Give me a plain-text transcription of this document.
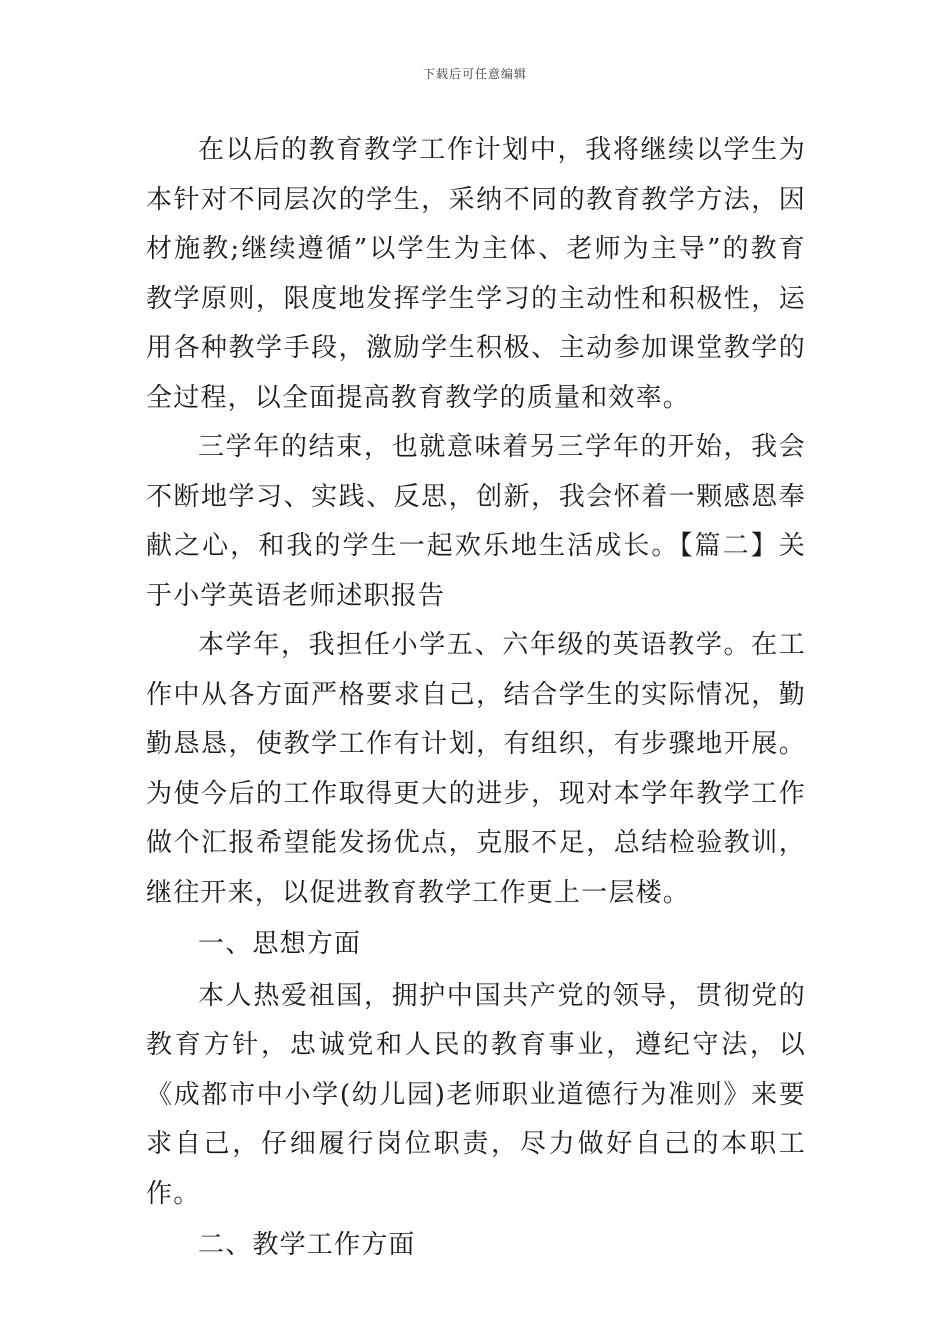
下载后可任意编辑

在以后的教育教学工作计划中，我将继续以学生为本针对不同层次的学生，采纳不同的教育教学方法，因材施教;继续遵循”以学生为主体、老师为主导”的教育教学原则，限度地发挥学生学习的主动性和积极性，运用各种教学手段，激励学生积极、主动参加课堂教学的全过程，以全面提高教育教学的质量和效率。

三学年的结束，也就意味着另三学年的开始，我会不断地学习、实践、反思，创新，我会怀着一颗感恩奉献之心，和我的学生一起欢乐地生活成长。【篇二】关于小学英语老师述职报告

本学年，我担任小学五、六年级的英语教学。在工作中从各方面严格要求自己，结合学生的实际情况，勤勤恳恳，使教学工作有计划，有组织，有步骤地开展。为使今后的工作取得更大的进步，现对本学年教学工作做个汇报希望能发扬优点，克服不足，总结检验教训，继往开来，以促进教育教学工作更上一层楼。

一、思想方面

本人热爱祖国，拥护中国共产党的领导，贯彻党的教育方针，忠诚党和人民的教育事业，遵纪守法，以《成都市中小学(幼儿园)老师职业道德行为准则》来要求自己，仔细履行岗位职责，尽力做好自己的本职工作。

二、教学工作方面
